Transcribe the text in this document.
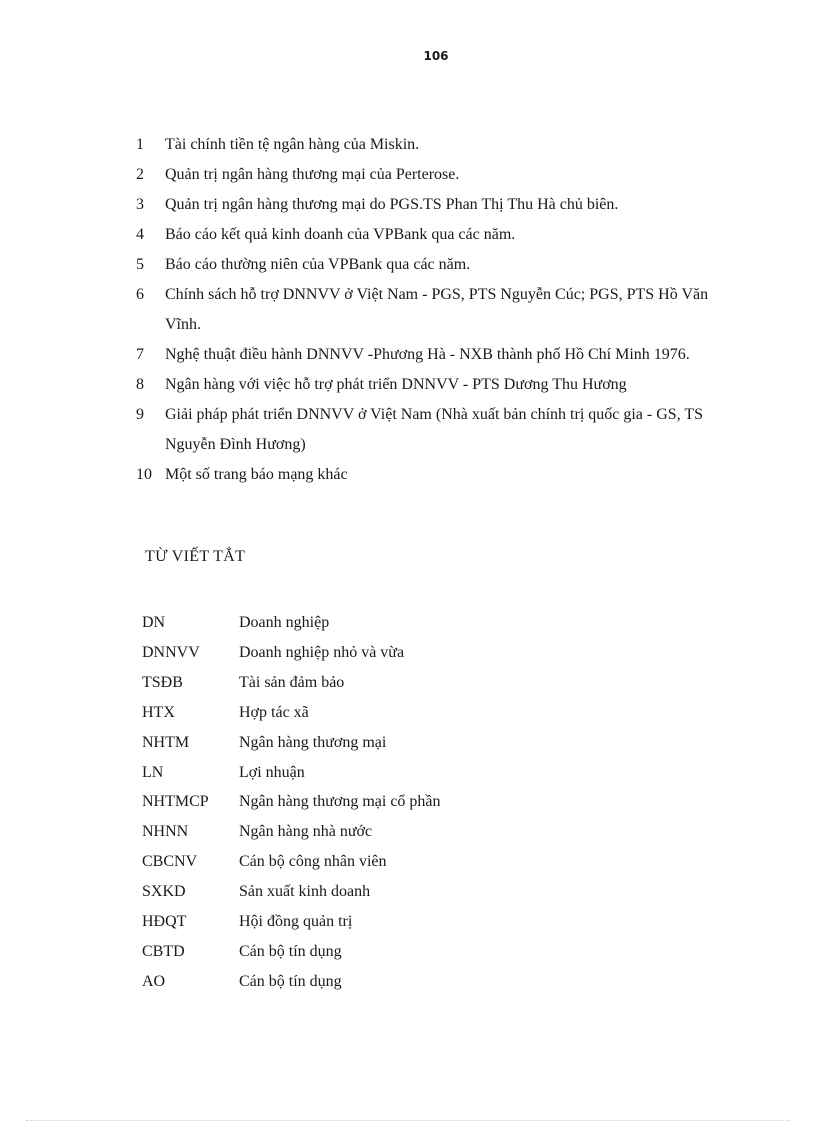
106
1	Tài chính tiền tệ ngân hàng của Miskin.
2	Quản trị ngân hàng thương mại của Perterose.
3	Quản trị ngân hàng thương mại do PGS.TS Phan Thị Thu Hà chủ biên.
4	Báo cáo kết quả kinh doanh của VPBank qua các năm.
5	Báo cáo thường niên của VPBank qua các năm.
6	Chính sách hỗ trợ DNNVV ở Việt Nam - PGS, PTS Nguyễn Cúc; PGS, PTS Hồ Văn Vĩnh.
7	Nghệ thuật điều hành DNNVV -Phương Hà - NXB thành phố Hồ Chí Minh 1976.
8	Ngân hàng với việc hỗ trợ phát triển DNNVV - PTS Dương Thu Hương
9	Giải pháp phát triển DNNVV ở Việt Nam (Nhà xuất bản chính trị quốc gia - GS, TS Nguyễn Đình Hương)
10 Một số trang báo mạng khác
TỪ VIẾT TẮT
DN	Doanh nghiệp
DNNVV	Doanh nghiệp nhỏ và vừa
TSĐB	Tài sản đảm bảo
HTX	Hợp tác xã
NHTM	Ngân hàng thương mại
LN	Lợi nhuận
NHTMCP	Ngân hàng thương mại cổ phần
NHNN	Ngân hàng nhà nước
CBCNV	Cán bộ công nhân viên
SXKD	Sản xuất kinh doanh
HĐQT	Hội đồng quản trị
CBTD	Cán bộ tín dụng
AO	Cán bộ tín dụng
